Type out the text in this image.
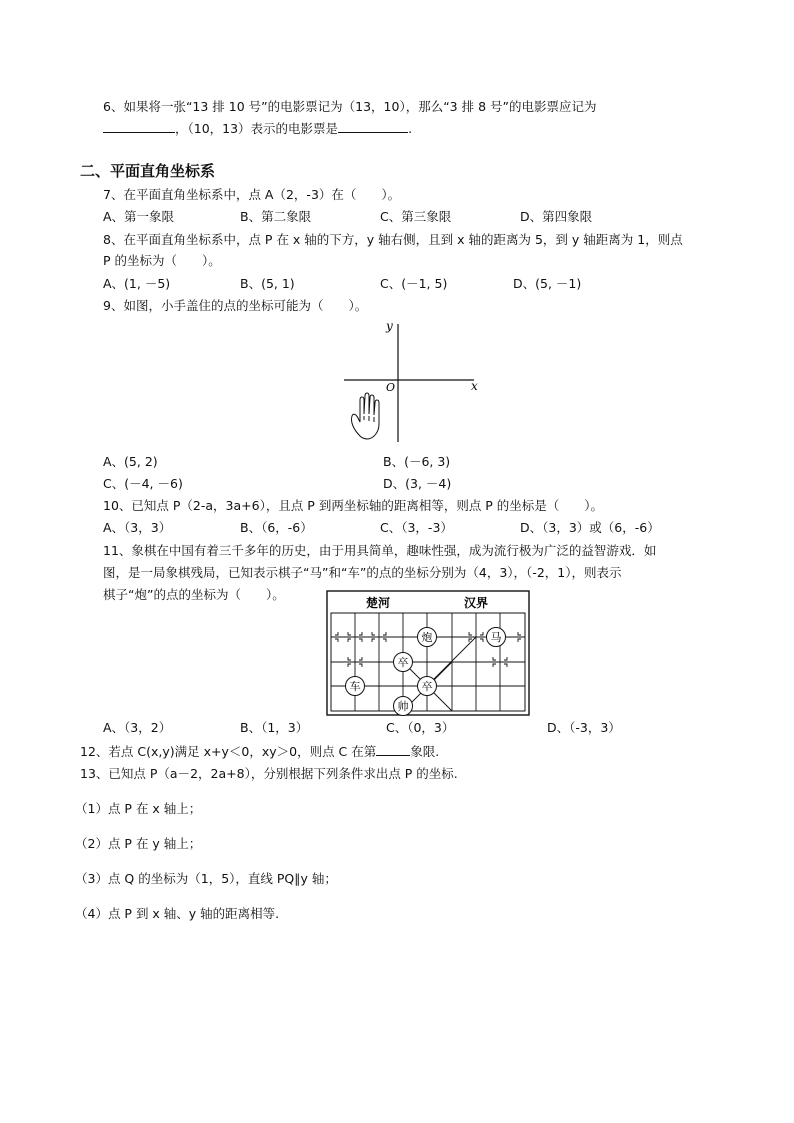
6、如果将一张“13 排 10 号”的电影票记为（13，10），那么“3 排 8 号”的电影票应记为
，（10，13）表示的电影票是	.
二、平面直角坐标系
7、在平面直角坐标系中，点 A（2，-3）在（　　）。
A、第一象限	B、第二象限	C、第三象限	D、第四象限
8、在平面直角坐标系中，点 P 在 x 轴的下方，y 轴右侧，且到 x 轴的距离为 5，到 y 轴距离为 1，则点
P 的坐标为（　　）。
A、(1, －5)	B、(5, 1)	C、(－1, 5)	D、(5, －1)
9、如图，小手盖住的点的坐标可能为（　　）。
x
y
O
A、(5, 2)	B、(－6, 3)
C、(－4, －6)	D、(3, －4)
10、已知点 P（2-a，3a+6），且点 P 到两坐标轴的距离相等，则点 P 的坐标是（　　）。
A、（3，3）	B、（6，-6）	C、（3，-3）	D、（3，3）或（6，-6）
11、象棋在中国有着三千多年的历史，由于用具简单，趣味性强，成为流行极为广泛的益智游戏．如
图，是一局象棋残局，已知表示棋子“马”和“车”的点的坐标分别为（4，3），（-2，1），则表示
棋子“炮”的点的坐标为（　　）。
楚河	汉界
炮	马
卒
车	卒
帅
A、（3，2）	B、（1，3）	C、（0，3）	D、（-3，3）
12、若点 C(x,y)满足 x+y＜0，xy＞0，则点 C 在第	象限.
13、已知点 P（a－2，2a+8），分别根据下列条件求出点 P 的坐标.
（1）点 P 在 x 轴上；
（2）点 P 在 y 轴上；
（3）点 Q 的坐标为（1，5），直线 PQ∥y 轴；
（4）点 P 到 x 轴、y 轴的距离相等.
